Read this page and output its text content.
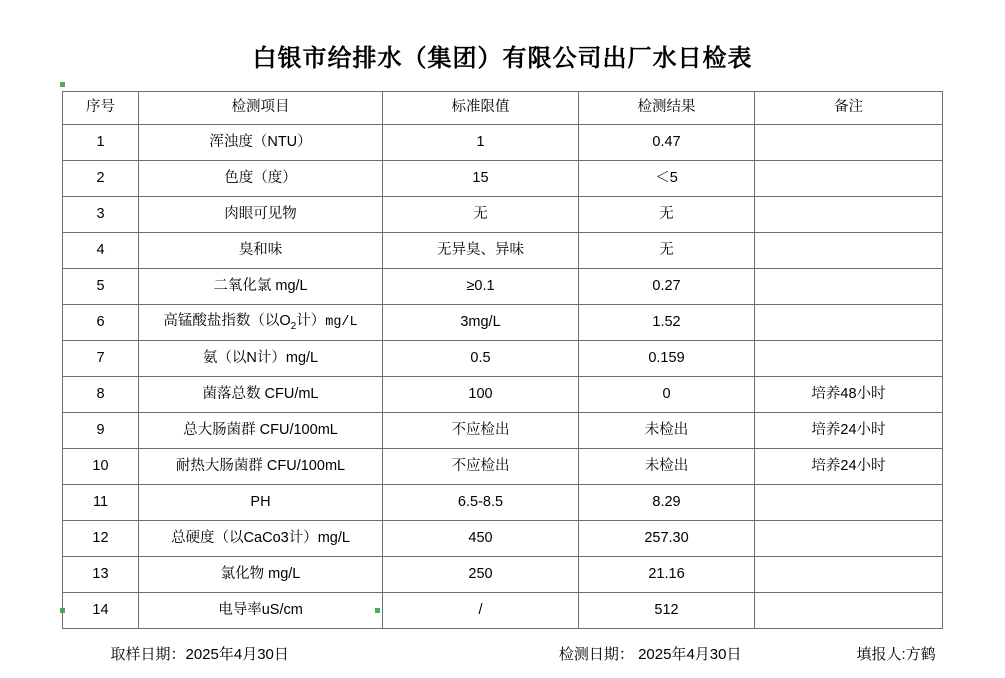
白银市给排水（集团）有限公司出厂水日检表
序号	检测项目	标准限值	检测结果	备注
1	浑浊度（NTU）	1	0.47	
2	色度（度）	15	＜5	
3	肉眼可见物	无	无	
4	臭和味	无异臭、异味	无	
5	二氧化氯 mg/L	≥0.1	0.27	
6	高锰酸盐指数（以$O_2$计）mg/L	3mg/L	1.52	
7	氨（以N计）mg/L	0.5	0.159	
8	菌落总数 CFU/mL	100	0	培养48小时
9	总大肠菌群 CFU/100mL	不应检出	未检出	培养24小时
10	耐热大肠菌群 CFU/100mL	不应检出	未检出	培养24小时
11	PH	6.5-8.5	8.29	
12	总硬度（以CaCo3计）mg/L	450	257.30	
13	氯化物 mg/L	250	21.16	
14	电导率uS/cm	/	512	
取样日期：2025年4月30日	检测日期： 2025年4月30日	填报人:方鹤
